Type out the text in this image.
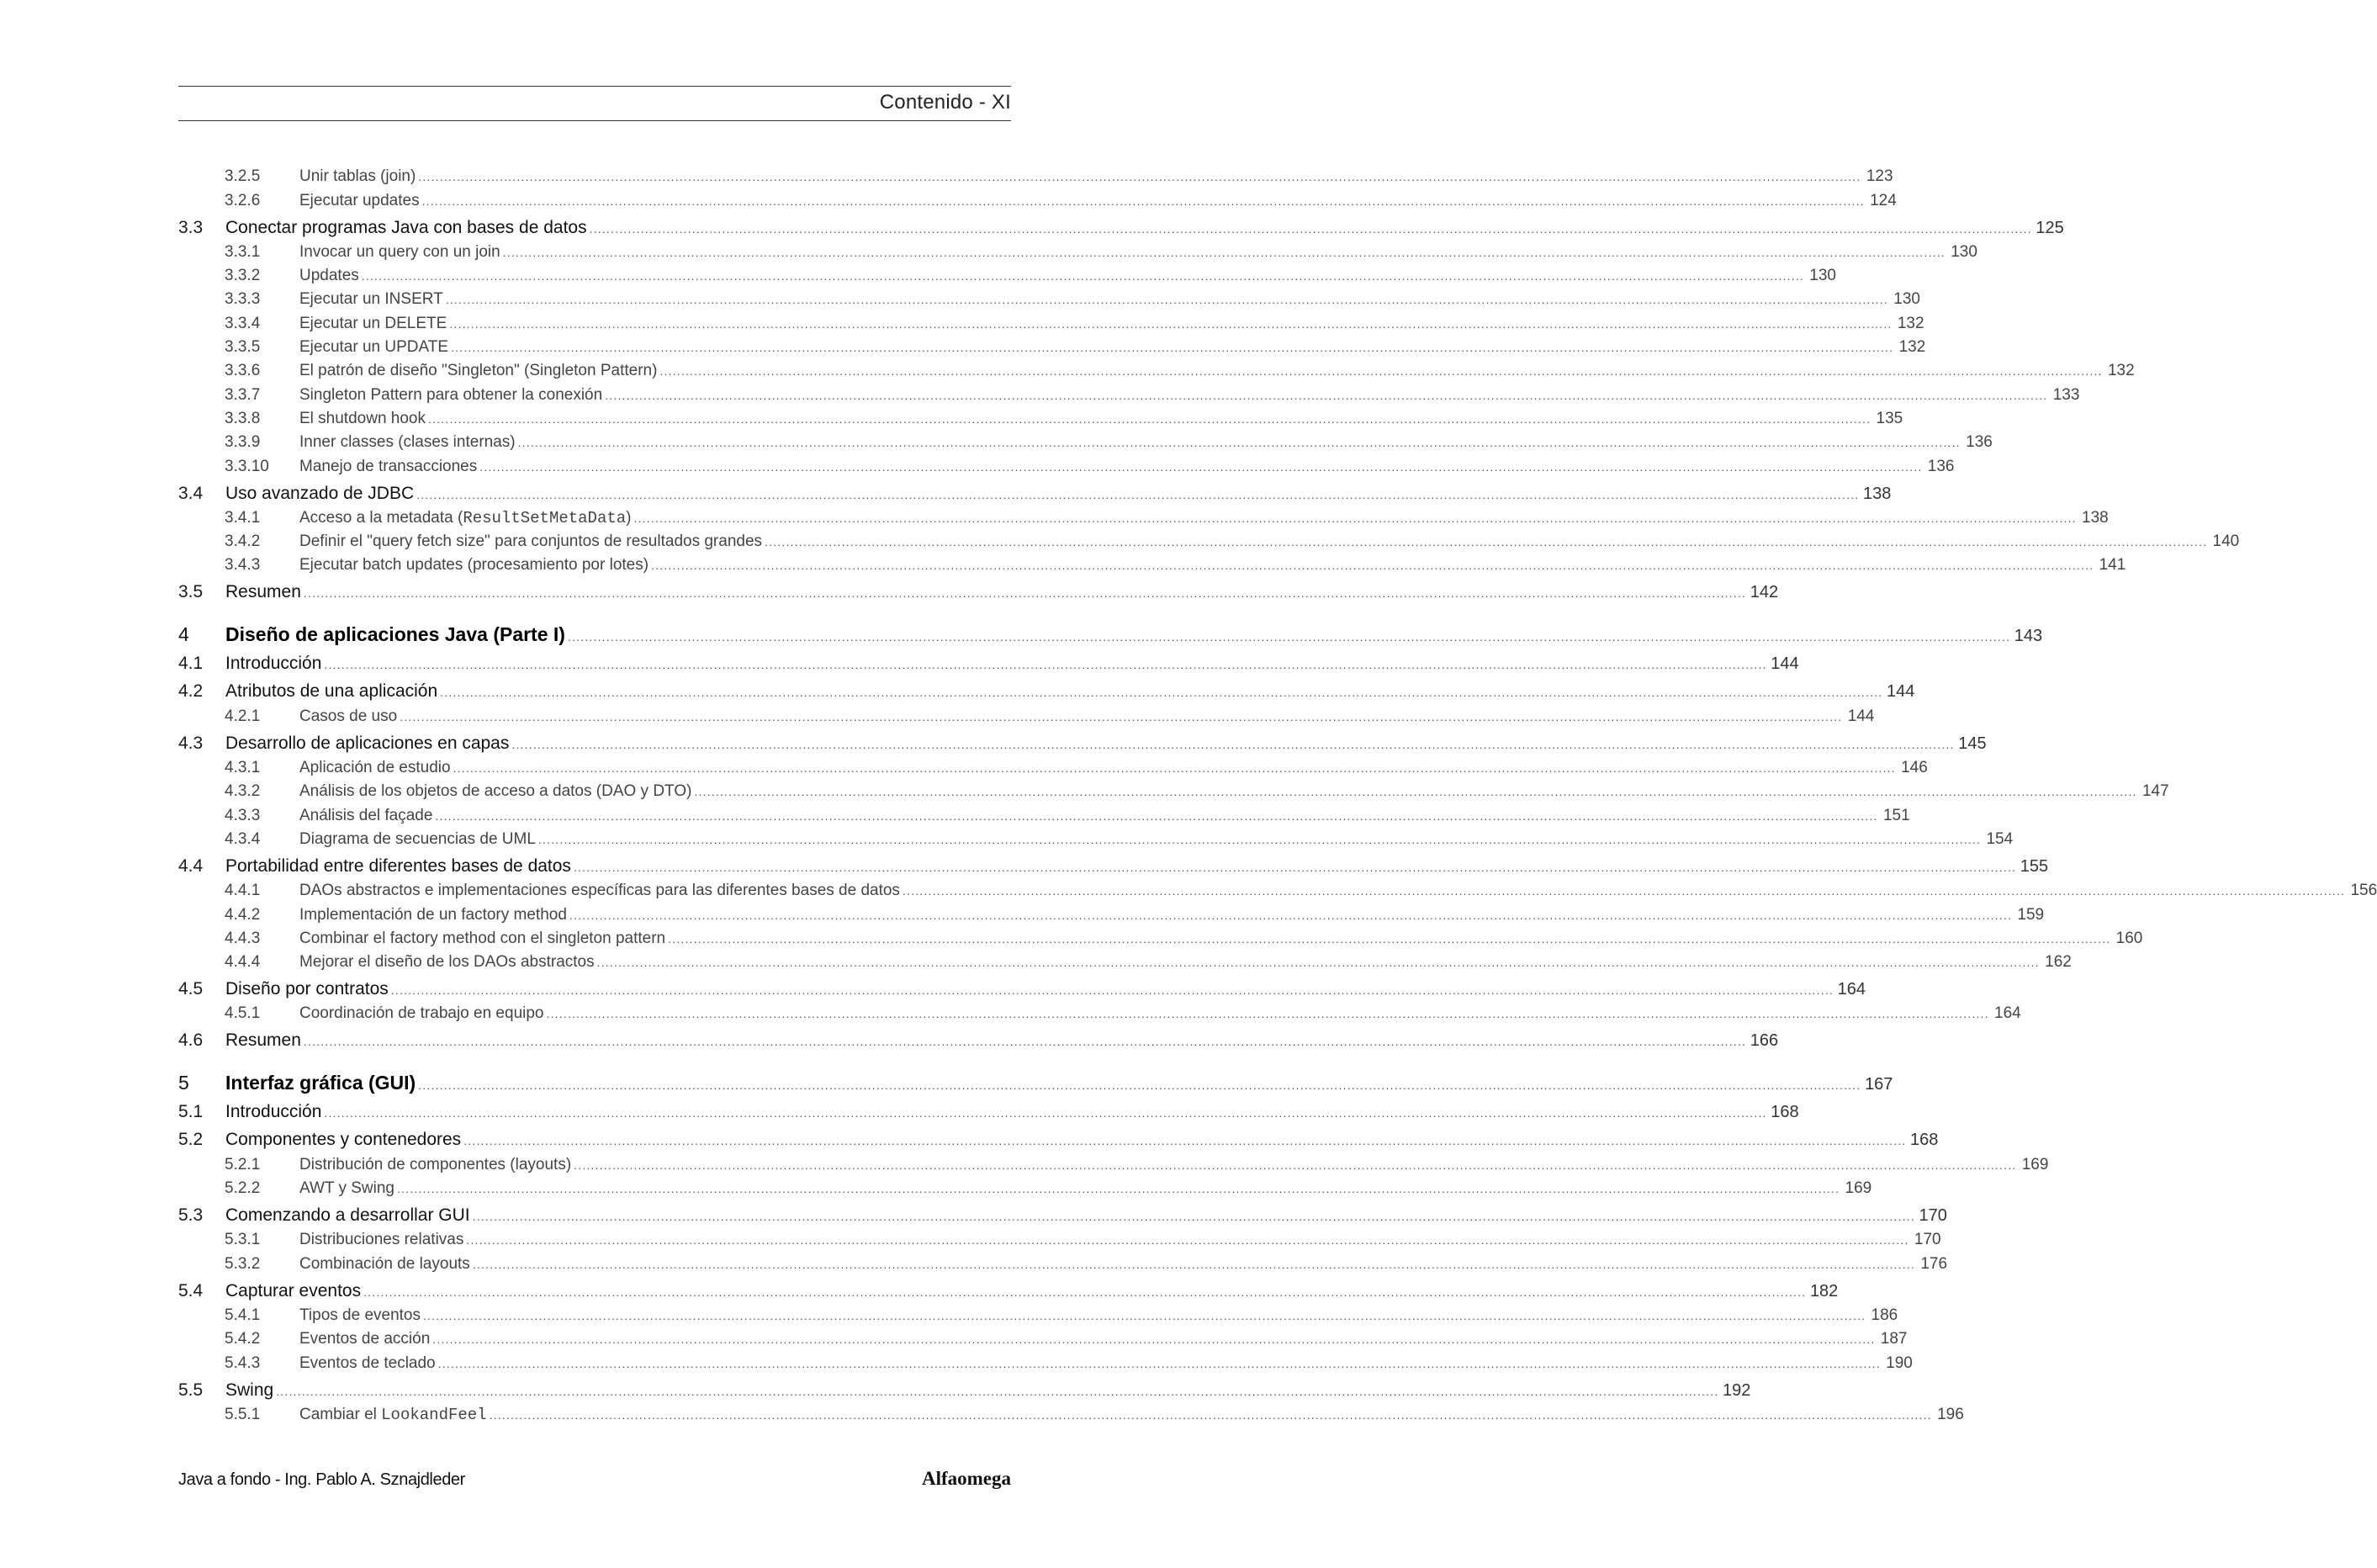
Contenido - XI
3.2.5	Unir tablas (join) .....	123
3.2.6	Ejecutar updates .....	124
3.3	Conectar programas Java con bases de datos .....	125
3.3.1	Invocar un query con un join .....	130
3.3.2	Updates .....	130
3.3.3	Ejecutar un INSERT .....	130
3.3.4	Ejecutar un DELETE .....	132
3.3.5	Ejecutar un UPDATE .....	132
3.3.6	El patrón de diseño "Singleton" (Singleton Pattern) .....	132
3.3.7	Singleton Pattern para obtener la conexión .....	133
3.3.8	El shutdown hook .....	135
3.3.9	Inner classes (clases internas) .....	136
3.3.10 Manejo de transacciones .....	136
3.4	Uso avanzado de JDBC .....	138
3.4.1	Acceso a la metadata (ResultSetMetaData) .....	138
3.4.2	Definir el "query fetch size" para conjuntos de resultados grandes .....	140
3.4.3	Ejecutar batch updates (procesamiento por lotes) .....	141
3.5	Resumen .....	142
4	Diseño de aplicaciones Java (Parte I) .....	143
4.1	Introducción .....	144
4.2	Atributos de una aplicación .....	144
4.2.1	Casos de uso .....	144
4.3	Desarrollo de aplicaciones en capas .....	145
4.3.1	Aplicación de estudio .....	146
4.3.2	Análisis de los objetos de acceso a datos (DAO y DTO) .....	147
4.3.3	Análisis del façade .....	151
4.3.4	Diagrama de secuencias de UML .....	154
4.4	Portabilidad entre diferentes bases de datos .....	155
4.4.1	DAOs abstractos e implementaciones específicas para las diferentes bases de datos .....	156
4.4.2	Implementación de un factory method .....	159
4.4.3	Combinar el factory method con el singleton pattern .....	160
4.4.4	Mejorar el diseño de los DAOs abstractos .....	162
4.5	Diseño por contratos .....	164
4.5.1	Coordinación de trabajo en equipo .....	164
4.6	Resumen .....	166
5	Interfaz gráfica (GUI) .....	167
5.1	Introducción .....	168
5.2	Componentes y contenedores .....	168
5.2.1	Distribución de componentes (layouts) .....	169
5.2.2	AWT y Swing .....	169
5.3	Comenzando a desarrollar GUI .....	170
5.3.1	Distribuciones relativas .....	170
5.3.2	Combinación de layouts .....	176
5.4	Capturar eventos .....	182
5.4.1	Tipos de eventos .....	186
5.4.2	Eventos de acción .....	187
5.4.3	Eventos de teclado .....	190
5.5	Swing .....	192
5.5.1	Cambiar el LookandFeel .....	196
Java a fondo - Ing. Pablo A. Sznajdleder	Alfaomega
